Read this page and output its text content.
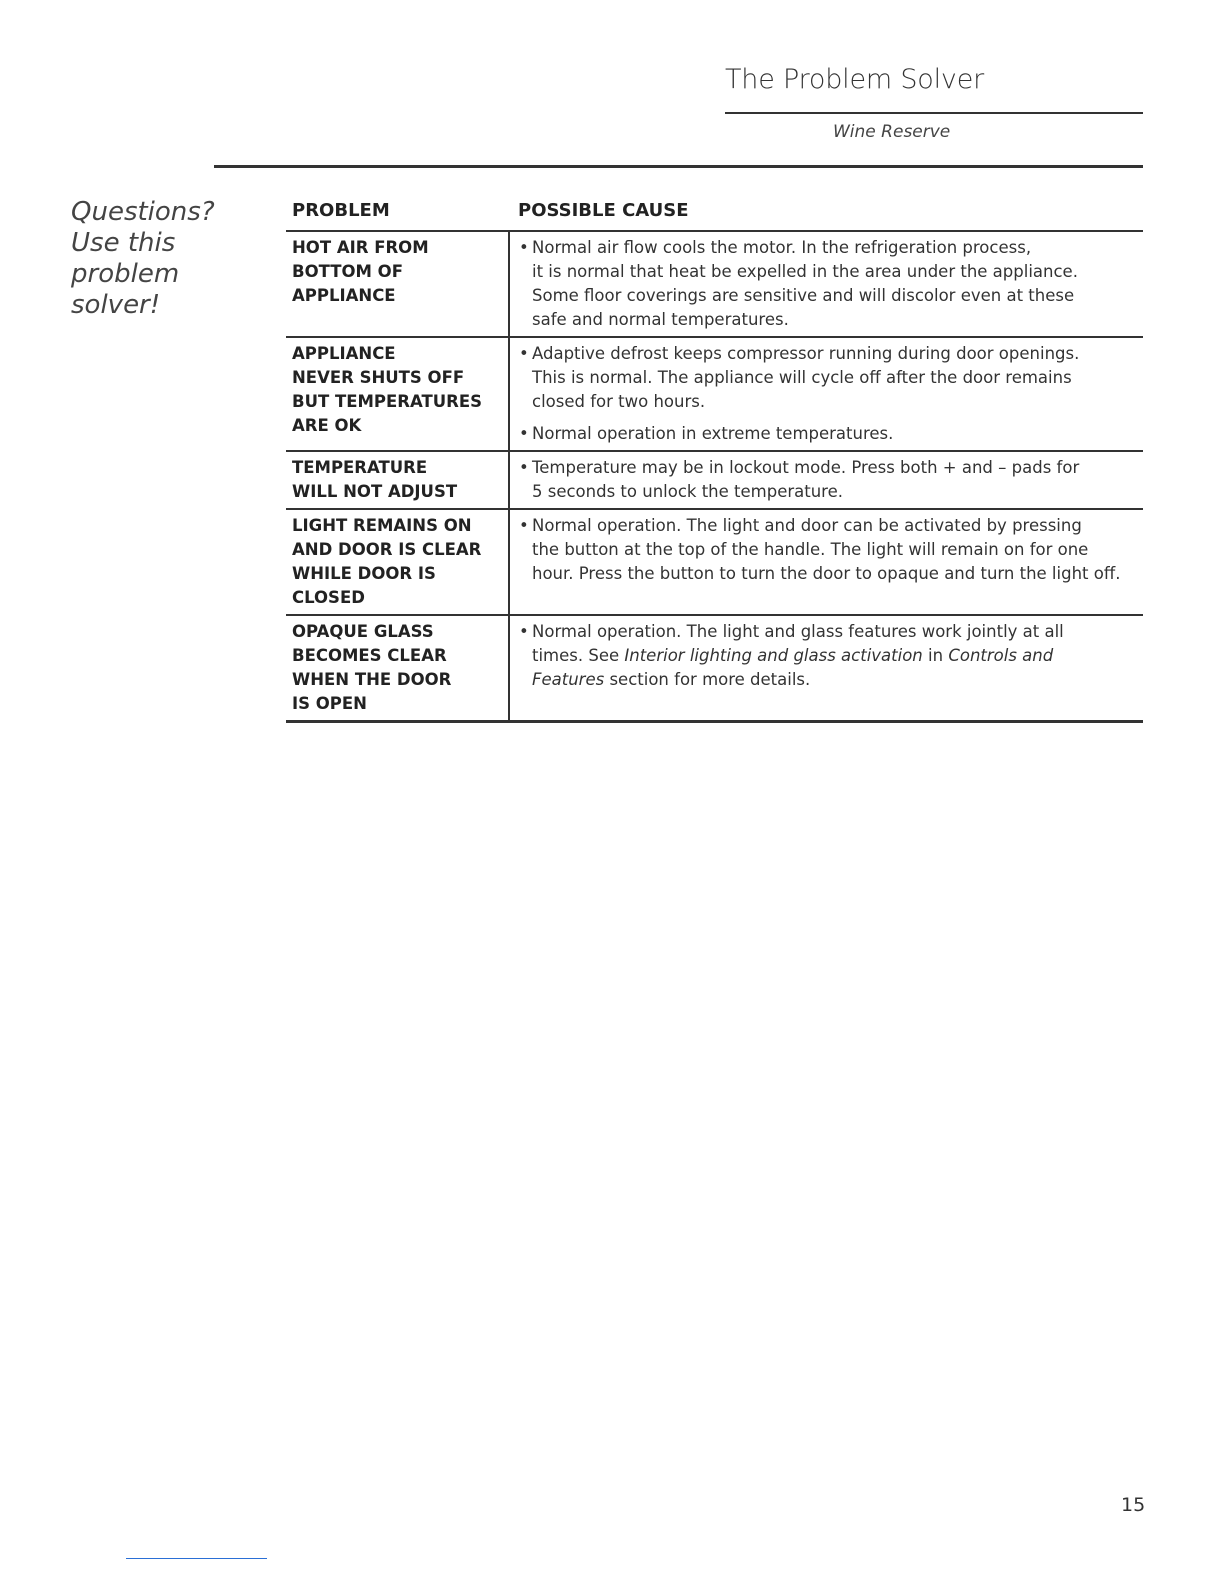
The Problem Solver
Wine Reserve
Questions?
Use this
problem
solver!
PROBLEM	POSSIBLE CAUSE
HOT AIR FROM
BOTTOM OF
APPLIANCE
• Normal air flow cools the motor. In the refrigeration process,
it is normal that heat be expelled in the area under the appliance.
Some floor coverings are sensitive and will discolor even at these
safe and normal temperatures.
APPLIANCE
NEVER SHUTS OFF
BUT TEMPERATURES
ARE OK
• Adaptive defrost keeps compressor running during door openings.
This is normal. The appliance will cycle off after the door remains
closed for two hours.
• Normal operation in extreme temperatures.
TEMPERATURE
WILL NOT ADJUST
• Temperature may be in lockout mode. Press both + and – pads for
5 seconds to unlock the temperature.
LIGHT REMAINS ON
AND DOOR IS CLEAR
WHILE DOOR IS
CLOSED
• Normal operation. The light and door can be activated by pressing
the button at the top of the handle. The light will remain on for one
hour. Press the button to turn the door to opaque and turn the light off.
OPAQUE GLASS
BECOMES CLEAR
WHEN THE DOOR
IS OPEN
• Normal operation. The light and glass features work jointly at all
times. See Interior lighting and glass activation in Controls and
Features section for more details.
15
